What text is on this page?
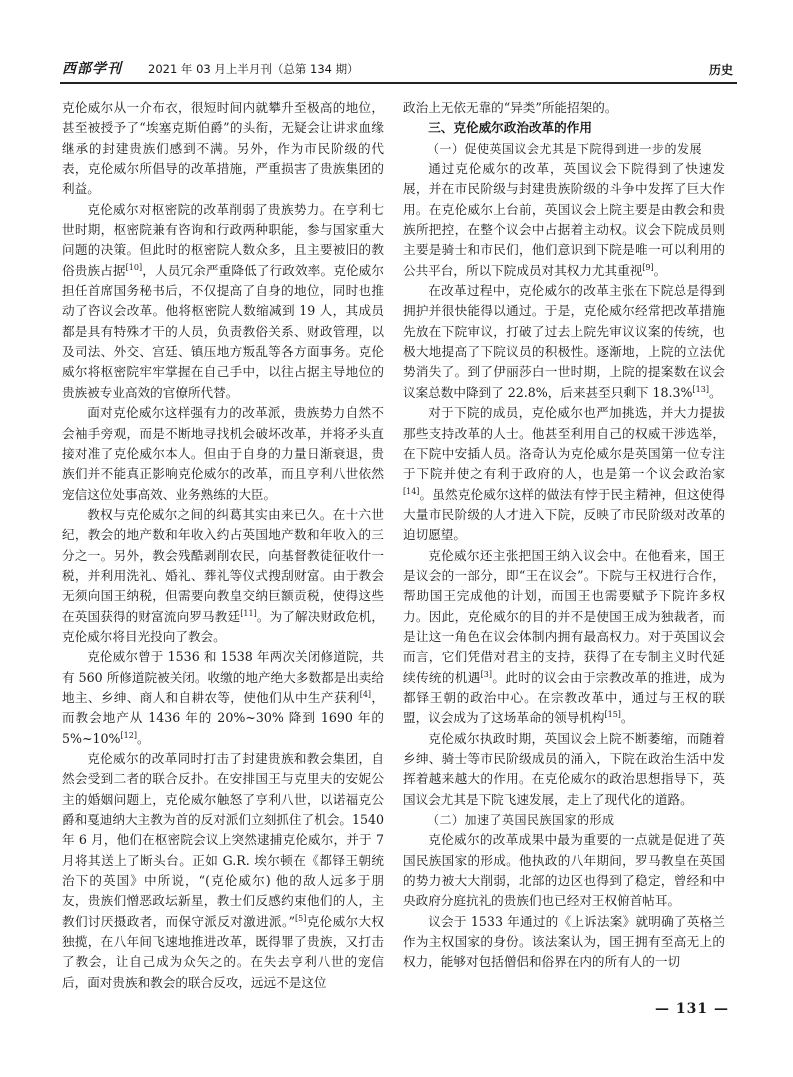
西部学刊 2021 年 03 月上半月刊（总第 134 期）	历史

克伦威尔从一介布衣，很短时间内就攀升至极高的地位，甚至被授予了“埃塞克斯伯爵”的头衔，无疑会让讲求血缘继承的封建贵族们感到不满。另外，作为市民阶级的代表，克伦威尔所倡导的改革措施，严重损害了贵族集团的利益。

克伦威尔对枢密院的改革削弱了贵族势力。在亨利七世时期，枢密院兼有咨询和行政两种职能，参与国家重大问题的决策。但此时的枢密院人数众多，且主要被旧的教俗贵族占据[10]，人员冗余严重降低了行政效率。克伦威尔担任首席国务秘书后，不仅提高了自身的地位，同时也推动了咨议会改革。他将枢密院人数缩减到 19 人，其成员都是具有特殊才干的人员，负责教俗关系、财政管理，以及司法、外交、宫廷、镇压地方叛乱等各方面事务。克伦威尔将枢密院牢牢掌握在自己手中，以往占据主导地位的贵族被专业高效的官僚所代替。

面对克伦威尔这样强有力的改革派，贵族势力自然不会袖手旁观，而是不断地寻找机会破坏改革，并将矛头直接对准了克伦威尔本人。但由于自身的力量日渐衰退，贵族们并不能真正影响克伦威尔的改革，而且亨利八世依然宠信这位处事高效、业务熟练的大臣。

教权与克伦威尔之间的纠葛其实由来已久。在十六世纪，教会的地产数和年收入约占英国地产数和年收入的三分之一。另外，教会残酷剥削农民，向基督教徒征收什一税，并利用洗礼、婚礼、葬礼等仪式搜刮财富。由于教会无须向国王纳税，但需要向教皇交纳巨额贡税，使得这些在英国获得的财富流向罗马教廷[11]。为了解决财政危机，克伦威尔将目光投向了教会。

克伦威尔曾于 1536 和 1538 年两次关闭修道院，共有 560 所修道院被关闭。收缴的地产绝大多数都是出卖给地主、乡绅、商人和自耕农等，使他们从中生产获利[4]，而教会地产从 1436 年的 20%~30% 降到 1690 年的 5%~10%[12]。

克伦威尔的改革同时打击了封建贵族和教会集团，自然会受到二者的联合反扑。在安排国王与克里夫的安妮公主的婚姻问题上，克伦威尔触怒了亨利八世，以诺福克公爵和戛迪纳大主教为首的反对派们立刻抓住了机会。1540 年 6 月，他们在枢密院会议上突然逮捕克伦威尔，并于 7 月将其送上了断头台。正如 G.R. 埃尔顿在《都铎王朝统治下的英国》中所说，“(克伦威尔) 他的敌人远多于朋友，贵族们憎恶政坛新星，教士们反感约束他们的人，主教们讨厌摄政者，而保守派反对激进派。”[5]克伦威尔大权独揽，在八年间飞速地推进改革，既得罪了贵族，又打击了教会，让自己成为众矢之的。在失去亨利八世的宠信后，面对贵族和教会的联合反攻，远远不是这位

政治上无依无靠的“异类”所能招架的。

三、克伦威尔政治改革的作用
（一）促使英国议会尤其是下院得到进一步的发展

通过克伦威尔的改革，英国议会下院得到了快速发展，并在市民阶级与封建贵族阶级的斗争中发挥了巨大作用。在克伦威尔上台前，英国议会上院主要是由教会和贵族所把控，在整个议会中占据着主动权。议会下院成员则主要是骑士和市民们，他们意识到下院是唯一可以利用的公共平台，所以下院成员对其权力尤其重视[9]。

在改革过程中，克伦威尔的改革主张在下院总是得到拥护并很快能得以通过。于是，克伦威尔经常把改革措施先放在下院审议，打破了过去上院先审议议案的传统，也极大地提高了下院议员的积极性。逐渐地，上院的立法优势消失了。到了伊丽莎白一世时期，上院的提案数在议会议案总数中降到了 22.8%，后来甚至只剩下 18.3%[13]。

对于下院的成员，克伦威尔也严加挑选，并大力提拔那些支持改革的人士。他甚至利用自己的权威干涉选举，在下院中安插人员。洛奇认为克伦威尔是英国第一位专注于下院并使之有利于政府的人，也是第一个议会政治家[14]。虽然克伦威尔这样的做法有悖于民主精神，但这使得大量市民阶级的人才进入下院，反映了市民阶级对改革的迫切愿望。

克伦威尔还主张把国王纳入议会中。在他看来，国王是议会的一部分，即“王在议会”。下院与王权进行合作，帮助国王完成他的计划，而国王也需要赋予下院许多权力。因此，克伦威尔的目的并不是使国王成为独裁者，而是让这一角色在议会体制内拥有最高权力。对于英国议会而言，它们凭借对君主的支持，获得了在专制主义时代延续传统的机遇[3]。此时的议会由于宗教改革的推进，成为都铎王朝的政治中心。在宗教改革中，通过与王权的联盟，议会成为了这场革命的领导机构[15]。

克伦威尔执政时期，英国议会上院不断萎缩，而随着乡绅、骑士等市民阶级成员的涌入，下院在政治生活中发挥着越来越大的作用。在克伦威尔的政治思想指导下，英国议会尤其是下院飞速发展，走上了现代化的道路。

（二）加速了英国民族国家的形成

克伦威尔的改革成果中最为重要的一点就是促进了英国民族国家的形成。他执政的八年期间，罗马教皇在英国的势力被大大削弱，北部的边区也得到了稳定，曾经和中央政府分庭抗礼的贵族们也已经对王权俯首帖耳。

议会于 1533 年通过的《上诉法案》就明确了英格兰作为主权国家的身份。该法案认为，国王拥有至高无上的权力，能够对包括僧侣和俗界在内的所有人的一切

— 131 —
